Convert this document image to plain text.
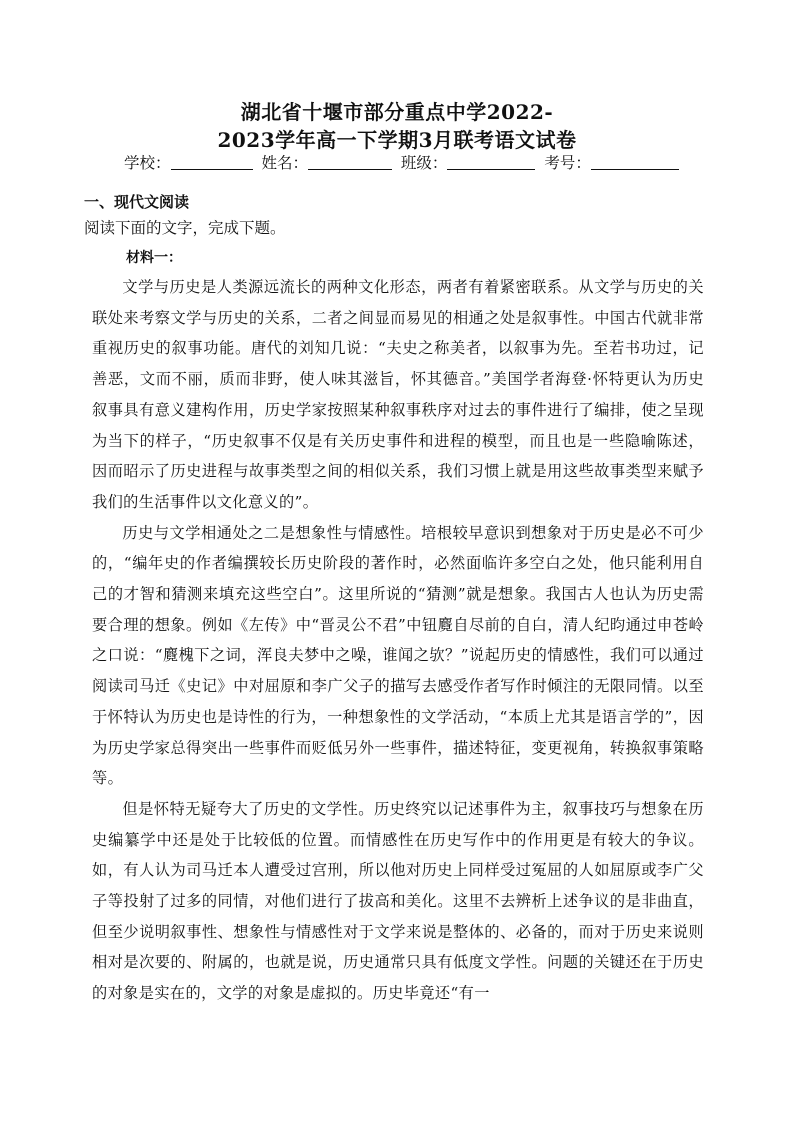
湖北省十堰市部分重点中学2022-
2023学年高一下学期3月联考语文试卷
学校：	姓名：	班级：	考号：
一、现代文阅读
阅读下面的文字，完成下题。
材料一：

文学与历史是人类源远流长的两种文化形态，两者有着紧密联系。从文学与历史的关联处来考察文学与历史的关系，二者之间显而易见的相通之处是叙事性。中国古代就非常重视历史的叙事功能。唐代的刘知几说：“夫史之称美者，以叙事为先。至若书功过，记善恶，文而不丽，质而非野，使人味其滋旨，怀其德音。”美国学者海登·怀特更认为历史叙事具有意义建构作用，历史学家按照某种叙事秩序对过去的事件进行了编排，使之呈现为当下的样子，“历史叙事不仅是有关历史事件和进程的模型，而且也是一些隐喻陈述，因而昭示了历史进程与故事类型之间的相似关系，我们习惯上就是用这些故事类型来赋予我们的生活事件以文化意义的”。

历史与文学相通处之二是想象性与情感性。培根较早意识到想象对于历史是必不可少的，“编年史的作者编撰较长历史阶段的著作时，必然面临许多空白之处，他只能利用自己的才智和猜测来填充这些空白”。这里所说的“猜测”就是想象。我国古人也认为历史需要合理的想象。例如《左传》中“晋灵公不君”中钮麑自尽前的自白，清人纪昀通过申苍岭之口说：“麑槐下之词，浑良夫梦中之噪，谁闻之欤？”说起历史的情感性，我们可以通过阅读司马迁《史记》中对屈原和李广父子的描写去感受作者写作时倾注的无限同情。以至于怀特认为历史也是诗性的行为，一种想象性的文学活动，“本质上尤其是语言学的”，因为历史学家总得突出一些事件而贬低另外一些事件，描述特征，变更视角，转换叙事策略等。

但是怀特无疑夸大了历史的文学性。历史终究以记述事件为主，叙事技巧与想象在历史编纂学中还是处于比较低的位置。而情感性在历史写作中的作用更是有较大的争议。如，有人认为司马迁本人遭受过宫刑，所以他对历史上同样受过冤屈的人如屈原或李广父子等投射了过多的同情，对他们进行了拔高和美化。这里不去辨析上述争议的是非曲直，但至少说明叙事性、想象性与情感性对于文学来说是整体的、必备的，而对于历史来说则相对是次要的、附属的，也就是说，历史通常只具有低度文学性。问题的关键还在于历史的对象是实在的，文学的对象是虚拟的。历史毕竟还“有一
